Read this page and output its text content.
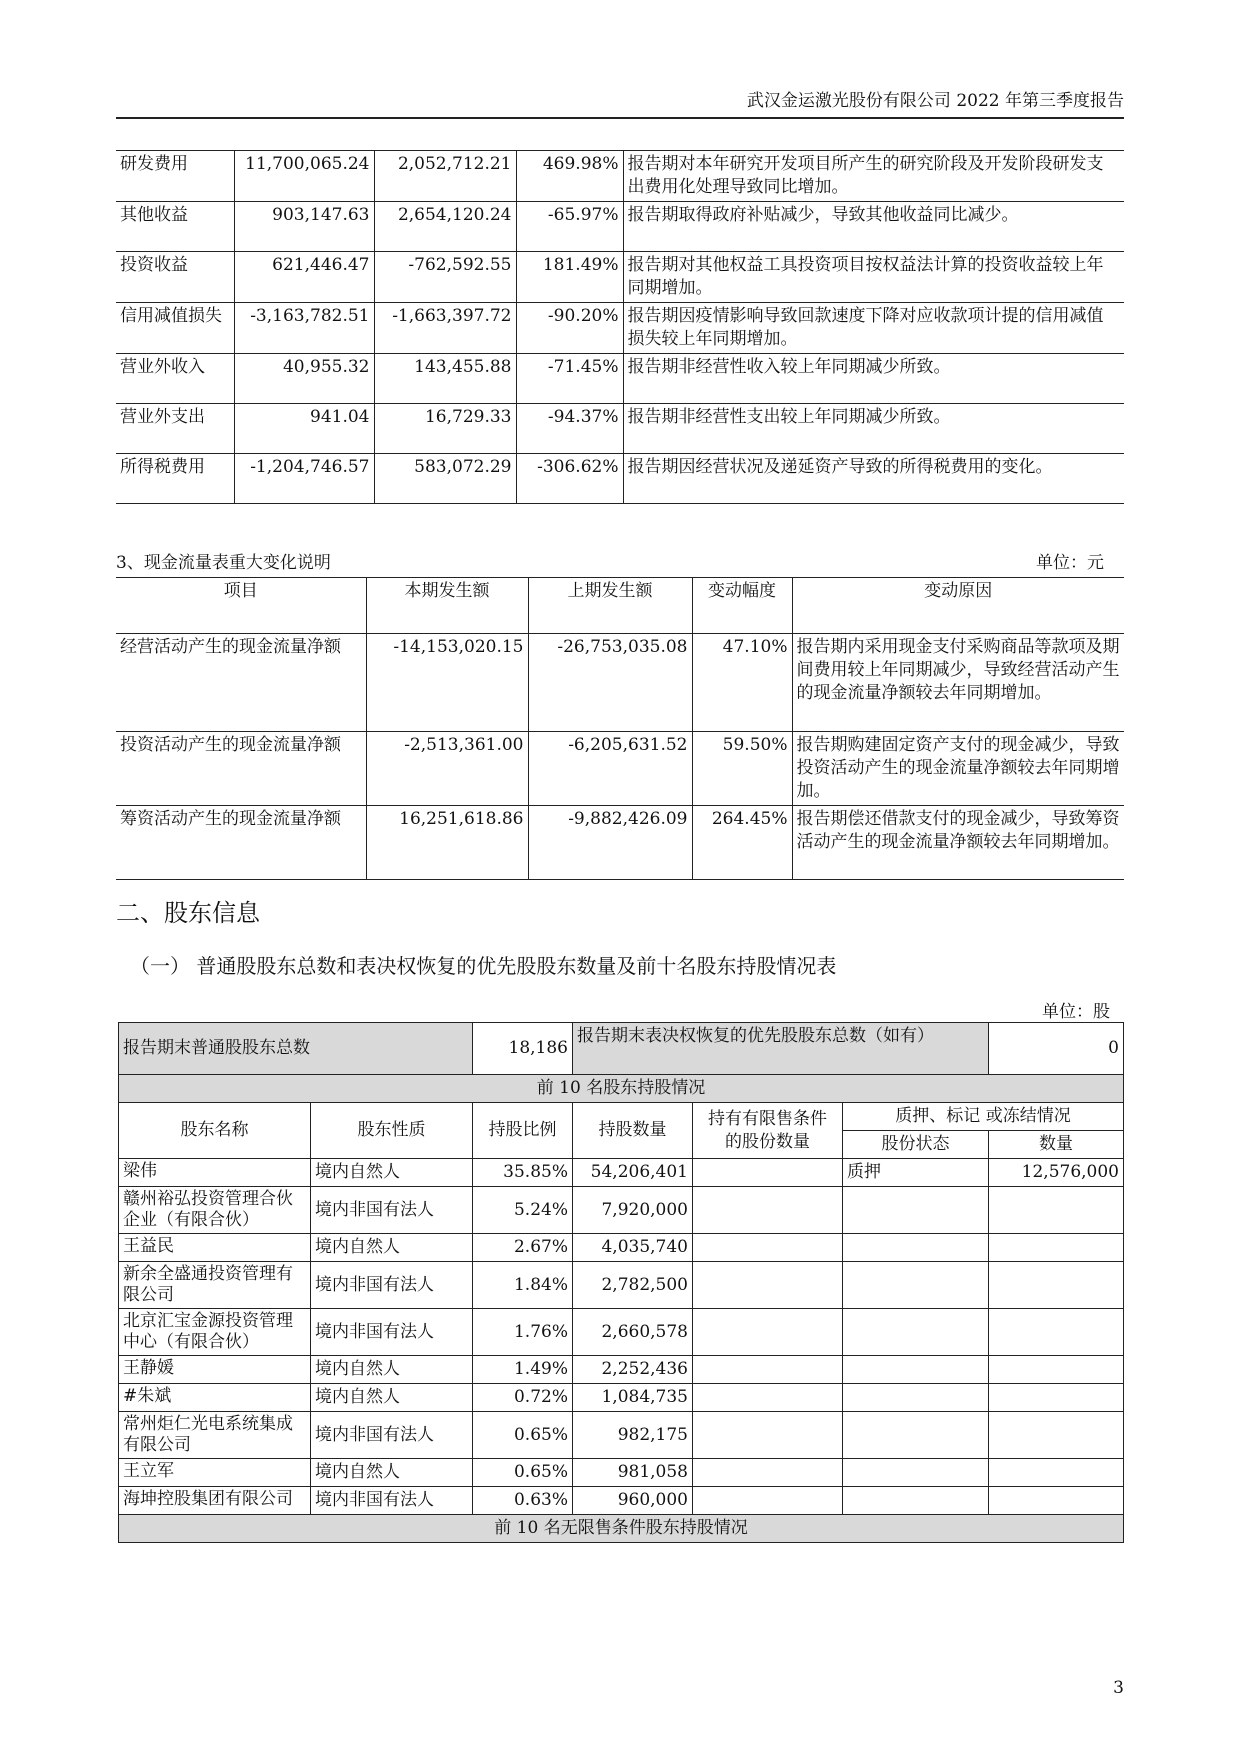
武汉金运激光股份有限公司 2022 年第三季度报告
研发费用	11,700,065.24	2,052,712.21	469.98%	报告期对本年研究开发项目所产生的研究阶段及开发阶段研发支出费用化处理导致同比增加。
其他收益	903,147.63	2,654,120.24	-65.97%	报告期取得政府补贴减少，导致其他收益同比减少。
投资收益	621,446.47	-762,592.55	181.49%	报告期对其他权益工具投资项目按权益法计算的投资收益较上年同期增加。
信用减值损失	-3,163,782.51	-1,663,397.72	-90.20%	报告期因疫情影响导致回款速度下降对应收款项计提的信用减值损失较上年同期增加。
营业外收入	40,955.32	143,455.88	-71.45%	报告期非经营性收入较上年同期减少所致。
营业外支出	941.04	16,729.33	-94.37%	报告期非经营性支出较上年同期减少所致。
所得税费用	-1,204,746.57	583,072.29	-306.62%	报告期因经营状况及递延资产导致的所得税费用的变化。
3、现金流量表重大变化说明	单位：元
项目	本期发生额	上期发生额	变动幅度	变动原因
经营活动产生的现金流量净额	-14,153,020.15	-26,753,035.08	47.10%	报告期内采用现金支付采购商品等款项及期间费用较上年同期减少，导致经营活动产生的现金流量净额较去年同期增加。
投资活动产生的现金流量净额	-2,513,361.00	-6,205,631.52	59.50%	报告期购建固定资产支付的现金减少，导致投资活动产生的现金流量净额较去年同期增加。
筹资活动产生的现金流量净额	16,251,618.86	-9,882,426.09	264.45%	报告期偿还借款支付的现金减少，导致筹资活动产生的现金流量净额较去年同期增加。
二、股东信息
（一） 普通股股东总数和表决权恢复的优先股股东数量及前十名股东持股情况表
单位：股
报告期末普通股股东总数		18,186	报告期末表决权恢复的优先股股东总数（如有）			0
前 10 名股东持股情况						
股东名称	股东性质	持股比例	持股数量	持有有限售条件的股份数量	质押、标记 或冻结情况	
					股份状态	数量
梁伟	境内自然人	35.85%	54,206,401		质押	12,576,000
赣州裕弘投资管理合伙企业（有限合伙）	境内非国有法人	5.24%	7,920,000			
王益民	境内自然人	2.67%	4,035,740			
新余全盛通投资管理有限公司	境内非国有法人	1.84%	2,782,500			
北京汇宝金源投资管理中心（有限合伙）	境内非国有法人	1.76%	2,660,578			
王静媛	境内自然人	1.49%	2,252,436			
#朱斌	境内自然人	0.72%	1,084,735			
常州炬仁光电系统集成有限公司	境内非国有法人	0.65%	982,175			
王立军	境内自然人	0.65%	981,058			
海坤控股集团有限公司	境内非国有法人	0.63%	960,000			
前 10 名无限售条件股东持股情况						
3
